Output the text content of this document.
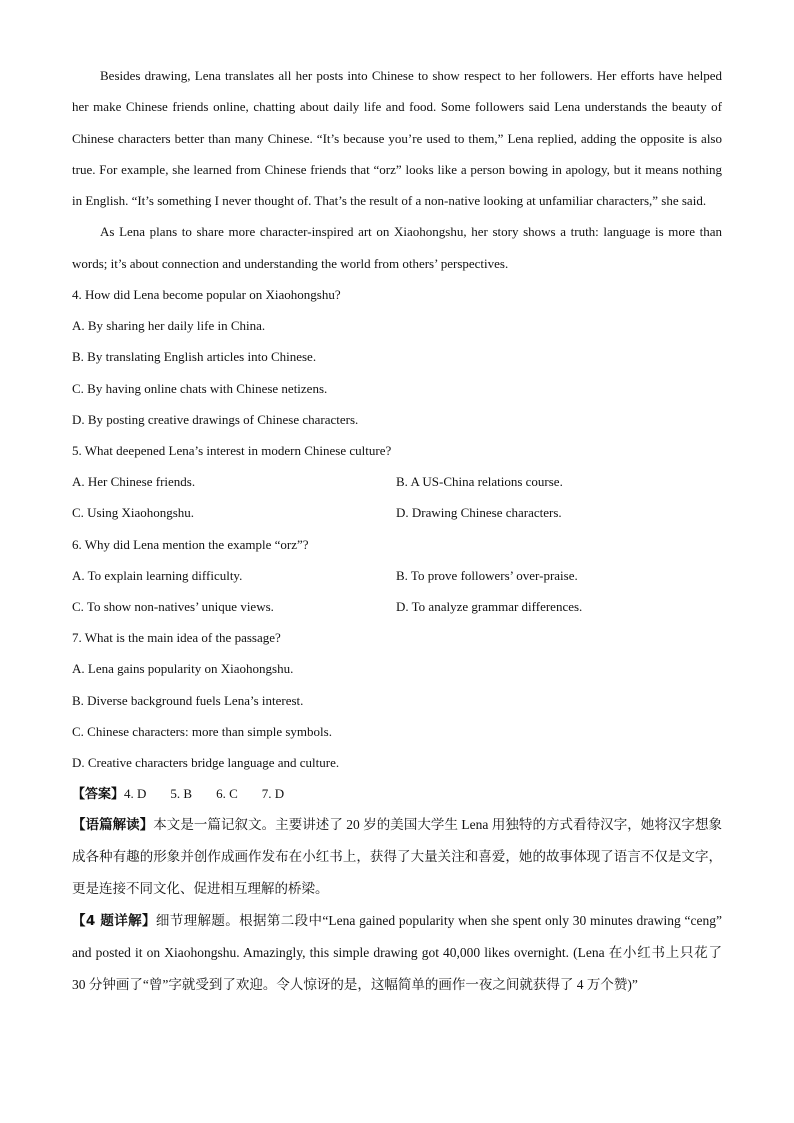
Besides drawing, Lena translates all her posts into Chinese to show respect to her followers. Her efforts have helped her make Chinese friends online, chatting about daily life and food. Some followers said Lena understands the beauty of Chinese characters better than many Chinese. “It’s because you’re used to them,” Lena replied, adding the opposite is also true. For example, she learned from Chinese friends that “orz” looks like a person bowing in apology, but it means nothing in English. “It’s something I never thought of. That’s the result of a non-native looking at unfamiliar characters,” she said.

As Lena plans to share more character-inspired art on Xiaohongshu, her story shows a truth: language is more than words; it’s about connection and understanding the world from others’ perspectives.

4. How did Lena become popular on Xiaohongshu?

A. By sharing her daily life in China.

B. By translating English articles into Chinese.

C. By having online chats with Chinese netizens.

D. By posting creative drawings of Chinese characters.

5. What deepened Lena’s interest in modern Chinese culture?

A. Her Chinese friends.	B. A US-China relations course.
C. Using Xiaohongshu.	D. Drawing Chinese characters.

6. Why did Lena mention the example “orz”?

A. To explain learning difficulty.	B. To prove followers’ over-praise.
C. To show non-natives’ unique views.	D. To analyze grammar differences.

7. What is the main idea of the passage?

A. Lena gains popularity on Xiaohongshu.

B. Diverse background fuels Lena’s interest.

C. Chinese characters: more than simple symbols.

D. Creative characters bridge language and culture.

【答案】4. D 5. B 6. C 7. D

【语篇解读】本文是一篇记叙文。主要讲述了 20 岁的美国大学生 Lena 用独特的方式看待汉字，她将汉字想象成各种有趣的形象并创作成画作发布在小红书上，获得了大量关注和喜爱，她的故事体现了语言不仅是文字，更是连接不同文化、促进相互理解的桥梁。

【4 题详解】细节理解题。根据第二段中“Lena gained popularity when she spent only 30 minutes drawing “ceng” and posted it on Xiaohongshu. Amazingly, this simple drawing got 40,000 likes overnight. (Lena 在小红书上只花了 30 分钟画了“曾”字就受到了欢迎。令人惊讶的是，这幅简单的画作一夜之间就获得了 4 万个赞)”
